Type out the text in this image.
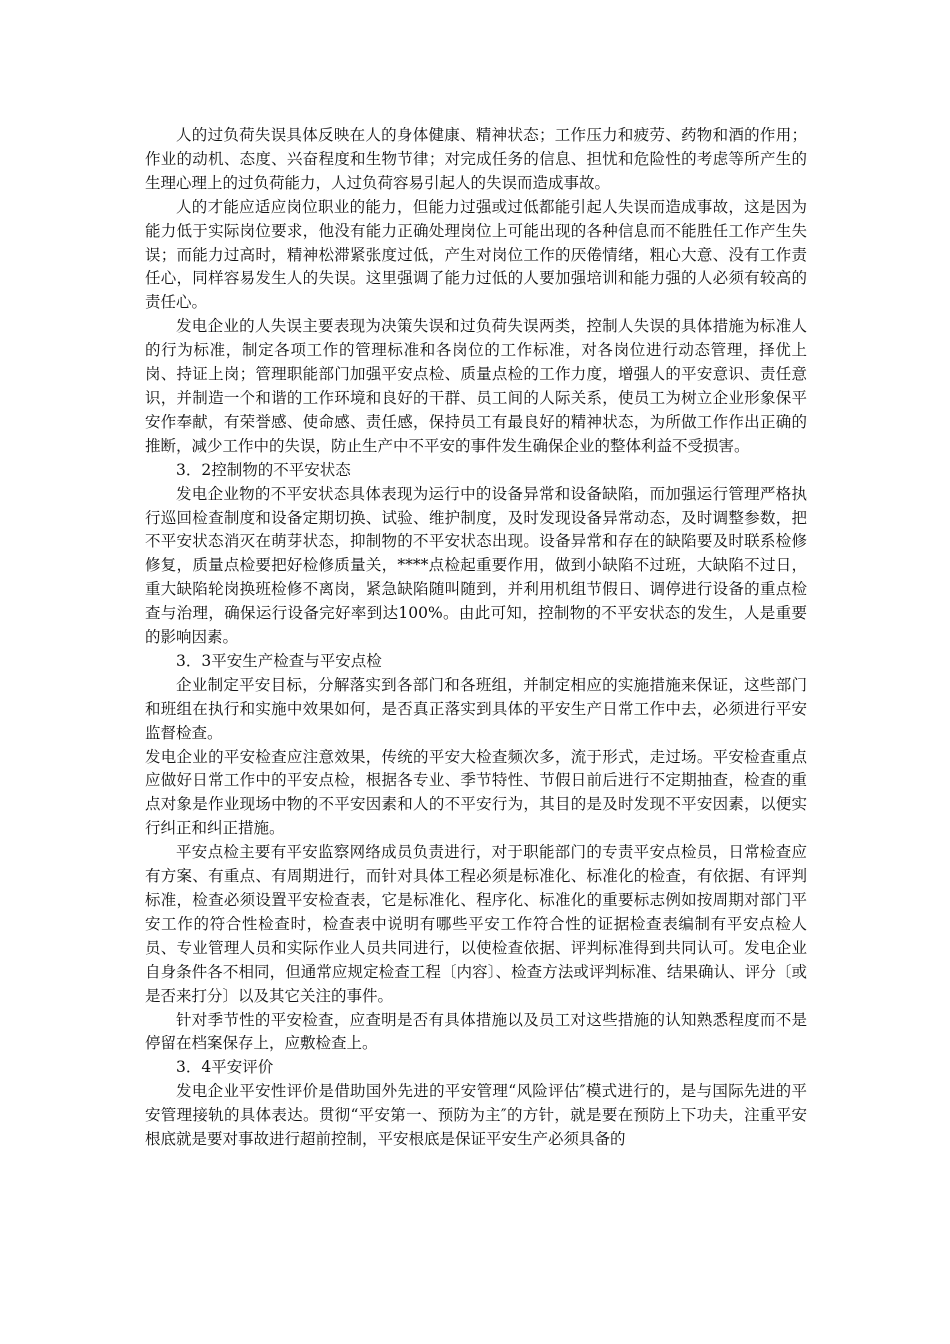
人的过负荷失误具体反映在人的身体健康、精神状态；工作压力和疲劳、药物和酒的作用；作业的动机、态度、兴奋程度和生物节律；对完成任务的信息、担忧和危险性的考虑等所产生的生理心理上的过负荷能力，人过负荷容易引起人的失误而造成事故。

人的才能应适应岗位职业的能力，但能力过强或过低都能引起人失误而造成事故，这是因为能力低于实际岗位要求，他没有能力正确处理岗位上可能出现的各种信息而不能胜任工作产生失误；而能力过高时，精神松滞紧张度过低，产生对岗位工作的厌倦情绪，粗心大意、没有工作责任心，同样容易发生人的失误。这里强调了能力过低的人要加强培训和能力强的人必须有较高的责任心。

发电企业的人失误主要表现为决策失误和过负荷失误两类，控制人失误的具体措施为标准人的行为标准，制定各项工作的管理标准和各岗位的工作标准，对各岗位进行动态管理，择优上岗、持证上岗；管理职能部门加强平安点检、质量点检的工作力度，增强人的平安意识、责任意识，并制造一个和谐的工作环境和良好的干群、员工间的人际关系，使员工为树立企业形象保平安作奉献，有荣誉感、使命感、责任感，保持员工有最良好的精神状态，为所做工作作出正确的推断，减少工作中的失误，防止生产中不平安的事件发生确保企业的整体利益不受损害。

3．2控制物的不平安状态

发电企业物的不平安状态具体表现为运行中的设备异常和设备缺陷，而加强运行管理严格执行巡回检查制度和设备定期切换、试验、维护制度，及时发现设备异常动态，及时调整参数，把不平安状态消灭在萌芽状态，抑制物的不平安状态出现。设备异常和存在的缺陷要及时联系检修修复，质量点检要把好检修质量关，****点检起重要作用，做到小缺陷不过班，大缺陷不过日，重大缺陷轮岗换班检修不离岗，紧急缺陷随叫随到，并利用机组节假日、调停进行设备的重点检查与治理，确保运行设备完好率到达100%。由此可知，控制物的不平安状态的发生，人是重要的影响因素。

3．3平安生产检查与平安点检

企业制定平安目标，分解落实到各部门和各班组，并制定相应的实施措施来保证，这些部门和班组在执行和实施中效果如何，是否真正落实到具体的平安生产日常工作中去，必须进行平安监督检查。

发电企业的平安检查应注意效果，传统的平安大检查频次多，流于形式，走过场。平安检查重点应做好日常工作中的平安点检，根据各专业、季节特性、节假日前后进行不定期抽查，检查的重点对象是作业现场中物的不平安因素和人的不平安行为，其目的是及时发现不平安因素，以便实行纠正和纠正措施。

平安点检主要有平安监察网络成员负责进行，对于职能部门的专责平安点检员，日常检查应有方案、有重点、有周期进行，而针对具体工程必须是标准化、标准化的检查，有依据、有评判标准，检查必须设置平安检查表，它是标准化、程序化、标准化的重要标志例如按周期对部门平安工作的符合性检查时，检查表中说明有哪些平安工作符合性的证据检查表编制有平安点检人员、专业管理人员和实际作业人员共同进行，以使检查依据、评判标准得到共同认可。发电企业自身条件各不相同，但通常应规定检查工程〔内容〕、检查方法或评判标准、结果确认、评分〔或是否来打分〕以及其它关注的事件。

针对季节性的平安检查，应查明是否有具体措施以及员工对这些措施的认知熟悉程度而不是停留在档案保存上，应敷检查上。

3．4平安评价

发电企业平安性评价是借助国外先进的平安管理“风险评估″模式进行的，是与国际先进的平安管理接轨的具体表达。贯彻“平安第一、预防为主″的方针，就是要在预防上下功夫，注重平安根底就是要对事故进行超前控制，平安根底是保证平安生产必须具备的
